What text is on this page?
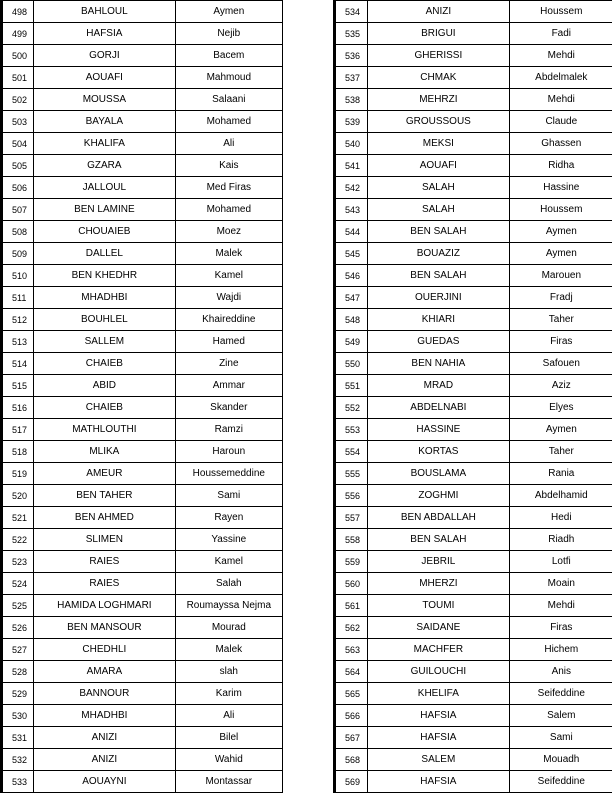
498	BAHLOUL	Aymen
499	HAFSIA	Nejib
500	GORJI	Bacem
501	AOUAFI	Mahmoud
502	MOUSSA	Salaani
503	BAYALA	Mohamed
504	KHALIFA	Ali
505	GZARA	Kais
506	JALLOUL	Med Firas
507	BEN LAMINE	Mohamed
508	CHOUAIEB	Moez
509	DALLEL	Malek
510	BEN KHEDHR	Kamel
511	MHADHBI	Wajdi
512	BOUHLEL	Khaireddine
513	SALLEM	Hamed
514	CHAIEB	Zine
515	ABID	Ammar
516	CHAIEB	Skander
517	MATHLOUTHI	Ramzi
518	MLIKA	Haroun
519	AMEUR	Houssemeddine
520	BEN TAHER	Sami
521	BEN AHMED	Rayen
522	SLIMEN	Yassine
523	RAIES	Kamel
524	RAIES	Salah
525	HAMIDA LOGHMARI	Roumayssa Nejma
526	BEN MANSOUR	Mourad
527	CHEDHLI	Malek
528	AMARA	slah
529	BANNOUR	Karim
530	MHADHBI	Ali
531	ANIZI	Bilel
532	ANIZI	Wahid
533	AOUAYNI	Montassar
534	ANIZI	Houssem
535	BRIGUI	Fadi
536	GHERISSI	Mehdi
537	CHMAK	Abdelmalek
538	MEHRZI	Mehdi
539	GROUSSOUS	Claude
540	MEKSI	Ghassen
541	AOUAFI	Ridha
542	SALAH	Hassine
543	SALAH	Houssem
544	BEN SALAH	Aymen
545	BOUAZIZ	Aymen
546	BEN SALAH	Marouen
547	OUERJINI	Fradj
548	KHIARI	Taher
549	GUEDAS	Firas
550	BEN NAHIA	Safouen
551	MRAD	Aziz
552	ABDELNABI	Elyes
553	HASSINE	Aymen
554	KORTAS	Taher
555	BOUSLAMA	Rania
556	ZOGHMI	Abdelhamid
557	BEN ABDALLAH	Hedi
558	BEN SALAH	Riadh
559	JEBRIL	Lotfi
560	MHERZI	Moain
561	TOUMI	Mehdi
562	SAIDANE	Firas
563	MACHFER	Hichem
564	GUILOUCHI	Anis
565	KHELIFA	Seifeddine
566	HAFSIA	Salem
567	HAFSIA	Sami
568	SALEM	Mouadh
569	HAFSIA	Seifeddine
